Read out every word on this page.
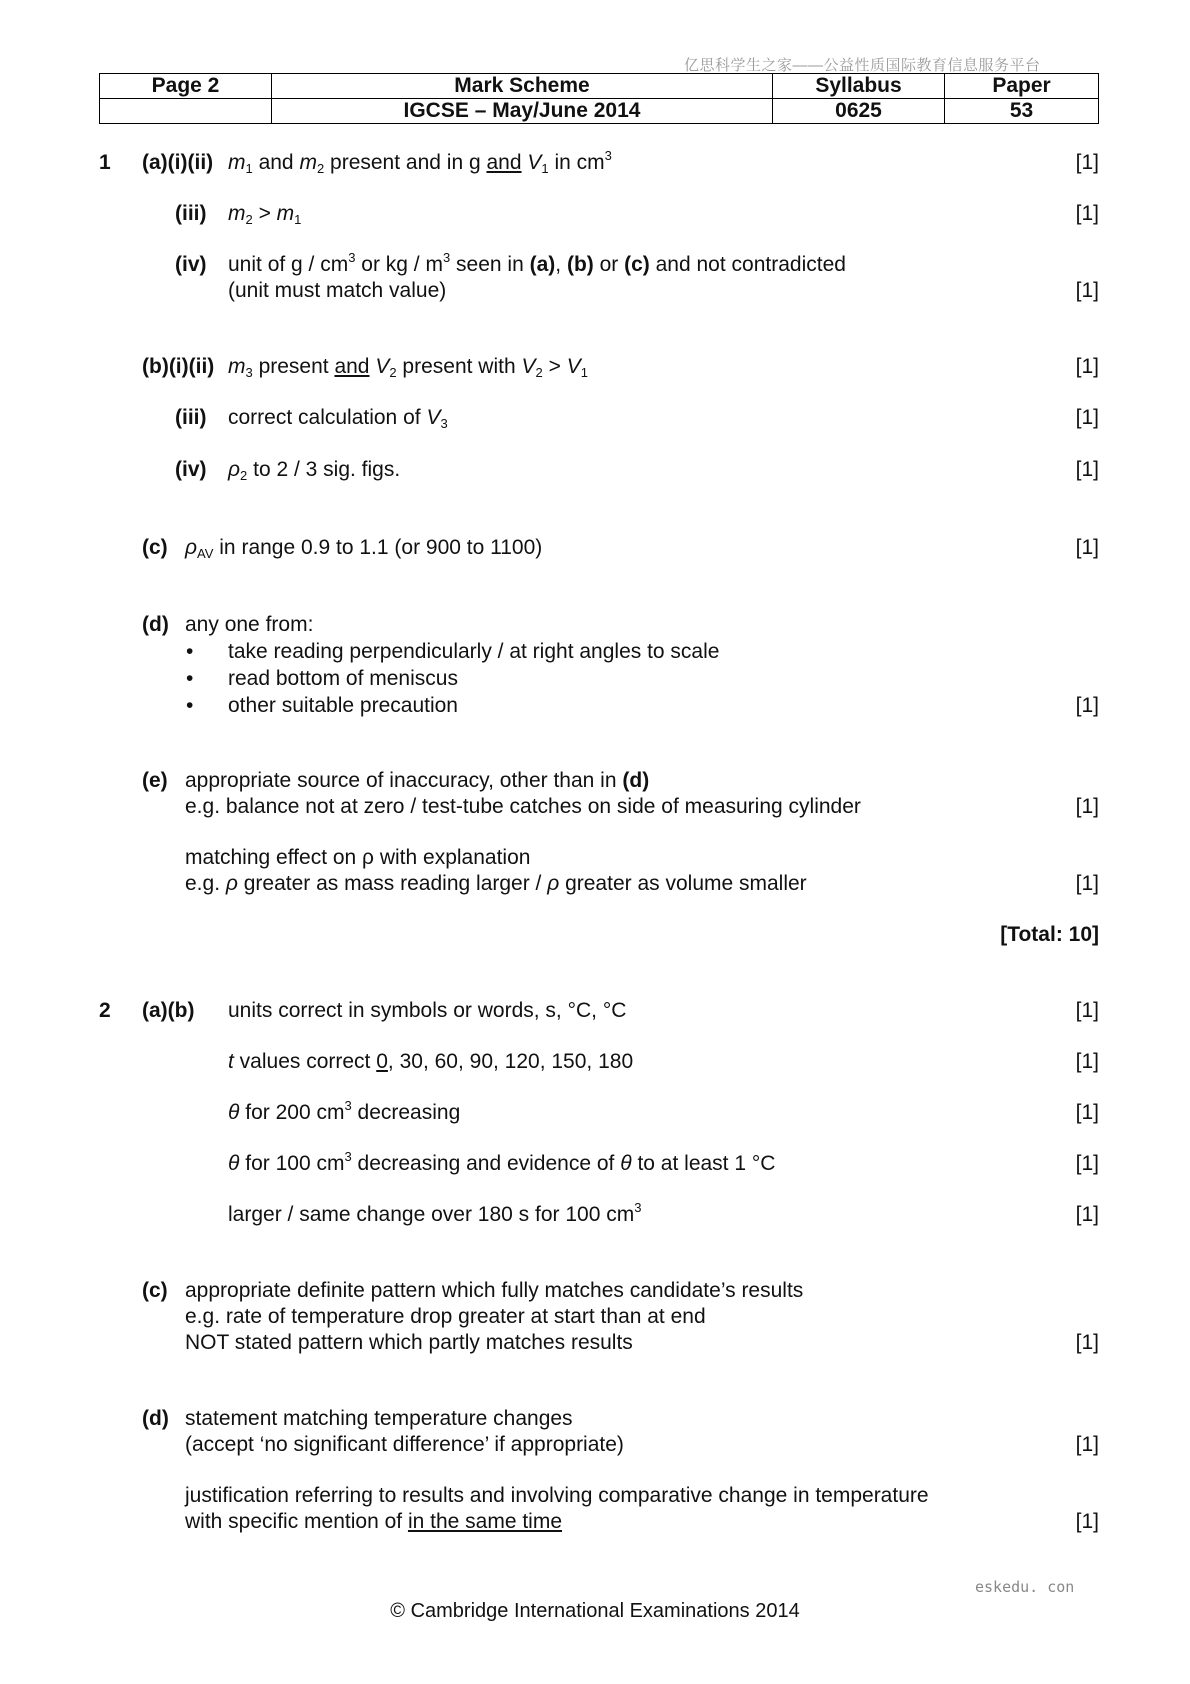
亿思科学生之家——公益性质国际教育信息服务平台
Page 2	Mark Scheme	Syllabus	Paper
	IGCSE – May/June 2014	0625	53
1 (a)(i)(ii) $m_1$ and $m_2$ present and in g and $V_1$ in $cm^3$	[1]
(iii) $m_2 > m_1$	[1]
(iv) unit of g / $cm^3$ or kg / $m^3$ seen in (a), (b) or (c) and not contradicted
(unit must match value)	[1]
(b)(i)(ii) $m_3$ present and $V_2$ present with $V_2 > V_1$	[1]
(iii) correct calculation of $V_3$	[1]
(iv) $\rho_2$ to 2 / 3 sig. figs.	[1]
(c) $\rho_{AV}$ in range 0.9 to 1.1 (or 900 to 1100)	[1]
(d) any one from:
• take reading perpendicularly / at right angles to scale
• read bottom of meniscus
• other suitable precaution	[1]
(e) appropriate source of inaccuracy, other than in (d)
e.g. balance not at zero / test-tube catches on side of measuring cylinder	[1]
matching effect on ρ with explanation
e.g. ρ greater as mass reading larger / ρ greater as volume smaller	[1]
[Total: 10]
2 (a)(b) units correct in symbols or words, s, °C, °C	[1]
t values correct 0, 30, 60, 90, 120, 150, 180	[1]
θ for 200 $cm^3$ decreasing	[1]
θ for 100 $cm^3$ decreasing and evidence of θ to at least 1 °C	[1]
larger / same change over 180 s for 100 $cm^3$	[1]
(c) appropriate definite pattern which fully matches candidate’s results
e.g. rate of temperature drop greater at start than at end
NOT stated pattern which partly matches results	[1]
(d) statement matching temperature changes
(accept ‘no significant difference’ if appropriate)	[1]
justification referring to results and involving comparative change in temperature
with specific mention of in the same time	[1]
eskedu. con
© Cambridge International Examinations 2014
